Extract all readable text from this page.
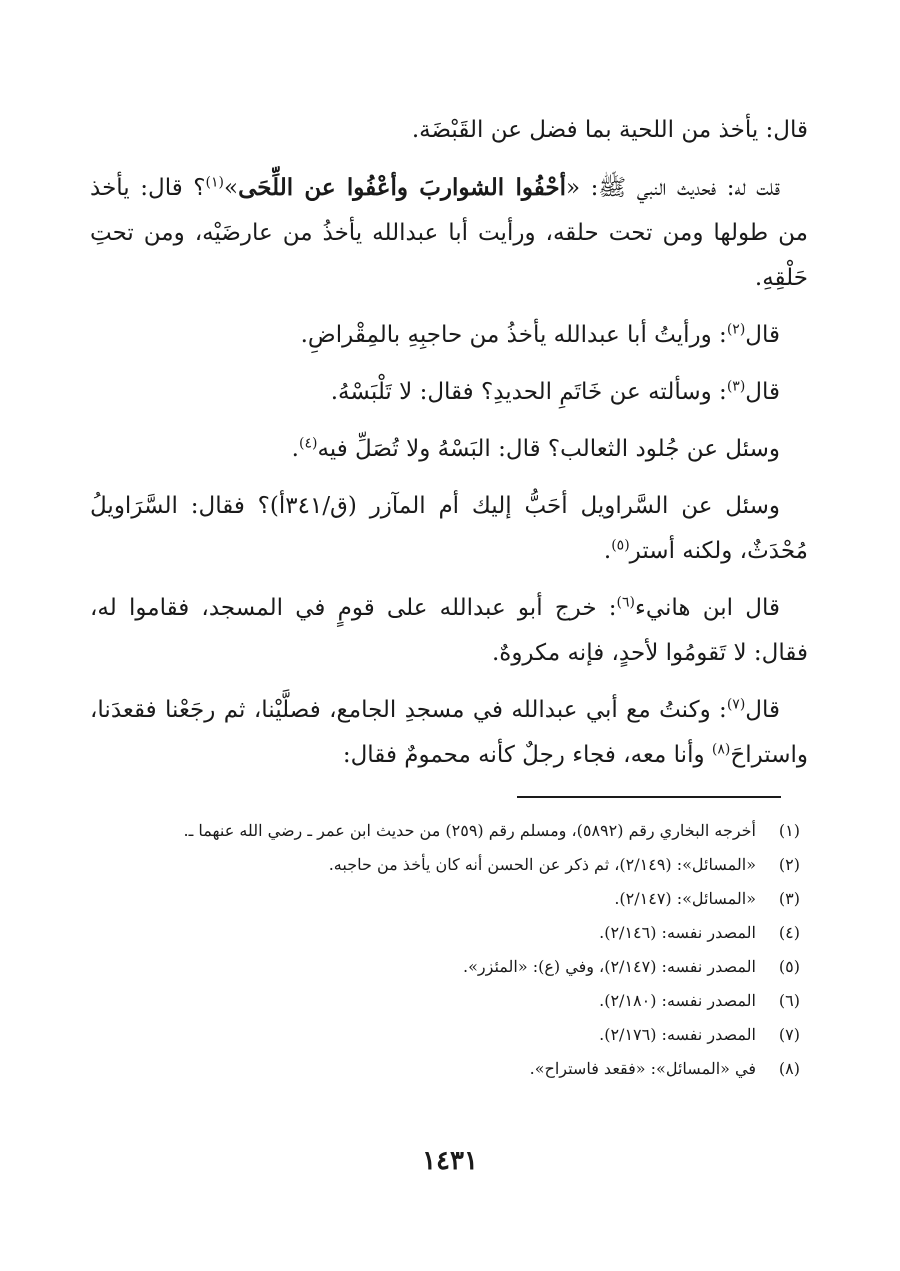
قال: يأخذ من اللحية بما فضل عن القَبْضَة.

قلت له: فحديث النبي ﷺ: «أحْفُوا الشواربَ وأعْفُوا عن اللِّحَى»$^{(١)}$؟ قال: يأخذ من طولها ومن تحت حلقه، ورأيت أبا عبدالله يأخذُ من عارضَيْه، ومن تحتِ حَلْقِهِ.

قال$^{(٢)}$: ورأيتُ أبا عبدالله يأخذُ من حاجبِهِ بالمِقْراضِ.

قال$^{(٣)}$: وسألته عن خَاتَمِ الحديدِ؟ فقال: لا تَلْبَسْهُ.

وسئل عن جُلود الثعالب؟ قال: البَسْهُ ولا تُصَلِّ فيه$^{(٤)}$.

وسئل عن السَّراويل أحَبُّ إليك أم المآزر (ق/٣٤١أ)؟ فقال: السَّرَاويلُ مُحْدَثٌ، ولكنه أستر$^{(٥)}$.

قال ابن هانيء$^{(٦)}$: خرج أبو عبدالله على قومٍ في المسجد، فقاموا له، فقال: لا تَقومُوا لأحدٍ، فإنه مكروهٌ.

قال$^{(٧)}$: وكنتُ مع أبي عبدالله في مسجدِ الجامع، فصلَّيْنا، ثم رجَعْنا فقعدَنا، واستراحَ$^{(٨)}$ وأنا معه، فجاء رجلٌ كأنه محمومٌ فقال:

(١)
أخرجه البخاري رقم (٥٨٩٢)، ومسلم رقم (٢٥٩) من حديث ابن عمر ـ رضي الله عنهما ـ.
(٢)
«المسائل»: (٢/١٤٩)، ثم ذكر عن الحسن أنه كان يأخذ من حاجبه.
(٣)
«المسائل»: (٢/١٤٧).
(٤)
المصدر نفسه: (٢/١٤٦).
(٥)
المصدر نفسه: (٢/١٤٧)، وفي (ع): «المئزر».
(٦)
المصدر نفسه: (٢/١٨٠).
(٧)
المصدر نفسه: (٢/١٧٦).
(٨)
في «المسائل»: «فقعد فاستراح».
١٤٣١
